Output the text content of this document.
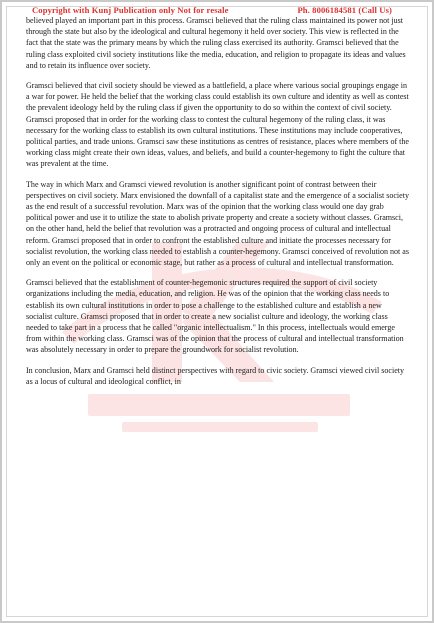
Copyright with Kunj Publication only Not for resale	Ph. 8006184581 (Call Us)

believed played an important part in this process. Gramsci believed that the ruling class maintained its power not just through the state but also by the ideological and cultural hegemony it held over society. This view is reflected in the fact that the state was the primary means by which the ruling class exercised its authority. Gramsci believed that the ruling class exploited civil society institutions like the media, education, and religion to propagate its ideas and values and to retain its influence over society.

Gramsci believed that civil society should be viewed as a battlefield, a place where various social groupings engage in a war for power. He held the belief that the working class could establish its own culture and identity as well as contest the prevalent ideology held by the ruling class if given the opportunity to do so within the context of civil society. Gramsci proposed that in order for the working class to contest the cultural hegemony of the ruling class, it was necessary for the working class to establish its own cultural institutions. These institutions may include cooperatives, political parties, and trade unions. Gramsci saw these institutions as centres of resistance, places where members of the working class might create their own ideas, values, and beliefs, and build a counter-hegemony to fight the culture that was prevalent at the time.

The way in which Marx and Gramsci viewed revolution is another significant point of contrast between their perspectives on civil society. Marx envisioned the downfall of a capitalist state and the emergence of a socialist society as the end result of a successful revolution. Marx was of the opinion that the working class would one day grab political power and use it to utilize the state to abolish private property and create a society without classes. Gramsci, on the other hand, held the belief that revolution was a protracted and ongoing process of cultural and intellectual reform. Gramsci proposed that in order to confront the established culture and initiate the processes necessary for socialist revolution, the working class needed to establish a counter-hegemony. Gramsci conceived of revolution not as only an event on the political or economic stage, but rather as a process of cultural and intellectual transformation.

Gramsci believed that the establishment of counter-hegemonic structures required the support of civil society organizations including the media, education, and religion. He was of the opinion that the working class needs to establish its own cultural institutions in order to pose a challenge to the established culture and establish a new socialist culture. Gramsci proposed that in order to create a new socialist culture and ideology, the working class needed to take part in a process that he called "organic intellectualism." In this process, intellectuals would emerge from within the working class. Gramsci was of the opinion that the process of cultural and intellectual transformation was absolutely necessary in order to prepare the groundwork for socialist revolution.

In conclusion, Marx and Gramsci held distinct perspectives with regard to civic society. Gramsci viewed civil society as a locus of cultural and ideological conflict, in
